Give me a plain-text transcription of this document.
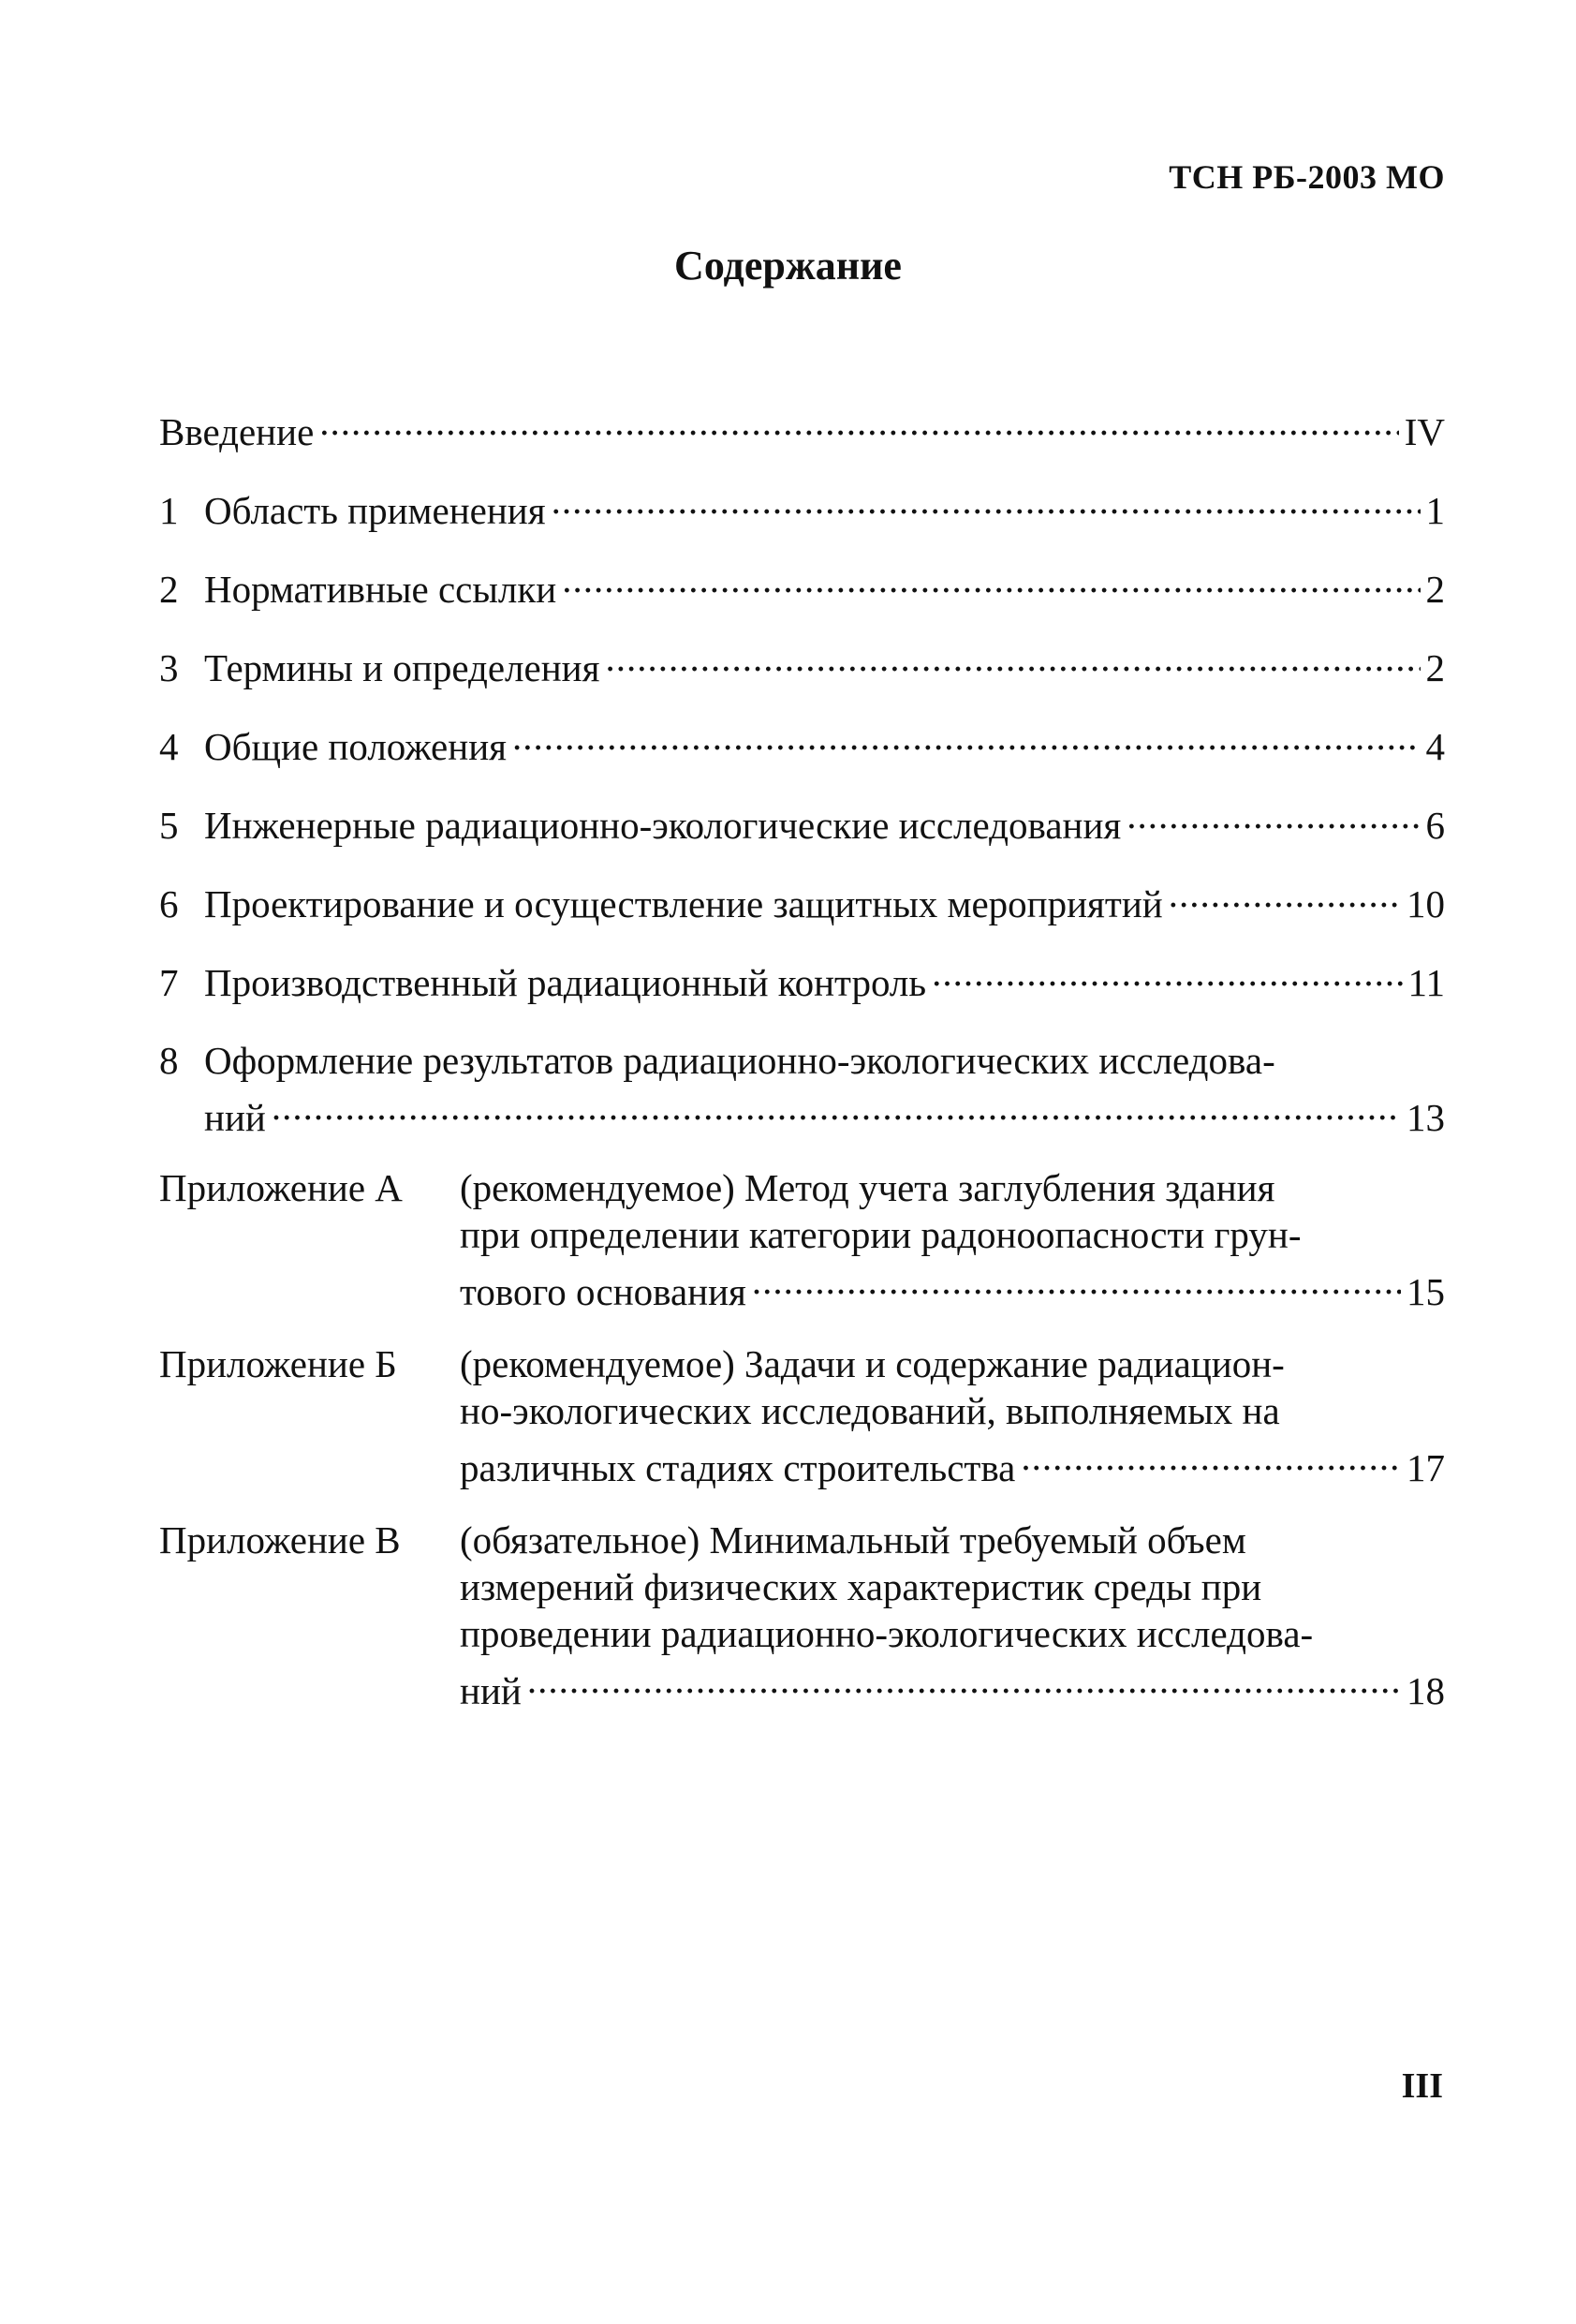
ТСН РБ-2003 МО
Содержание
Введение .....	IV
1 Область применения .....	1
2 Нормативные ссылки .....	2
3 Термины и определения .....	2
4 Общие положения .....	4
5 Инженерные радиационно-экологические исследования .....	6
6 Проектирование и осуществление защитных мероприятий .....	10
7 Производственный радиационный контроль .....	11
8 Оформление результатов радиационно-экологических исследова-
ний .....	13
Приложение А	(рекомендуемое) Метод учета заглубления здания
при определении категории радоноопасности грун-
тового основания .....	15
Приложение Б	(рекомендуемое) Задачи и содержание радиацион-
но-экологических исследований, выполняемых на
различных стадиях строительства .....	17
Приложение В	(обязательное) Минимальный требуемый объем
измерений физических характеристик среды при
проведении радиационно-экологических исследова-
ний .....	18
III
